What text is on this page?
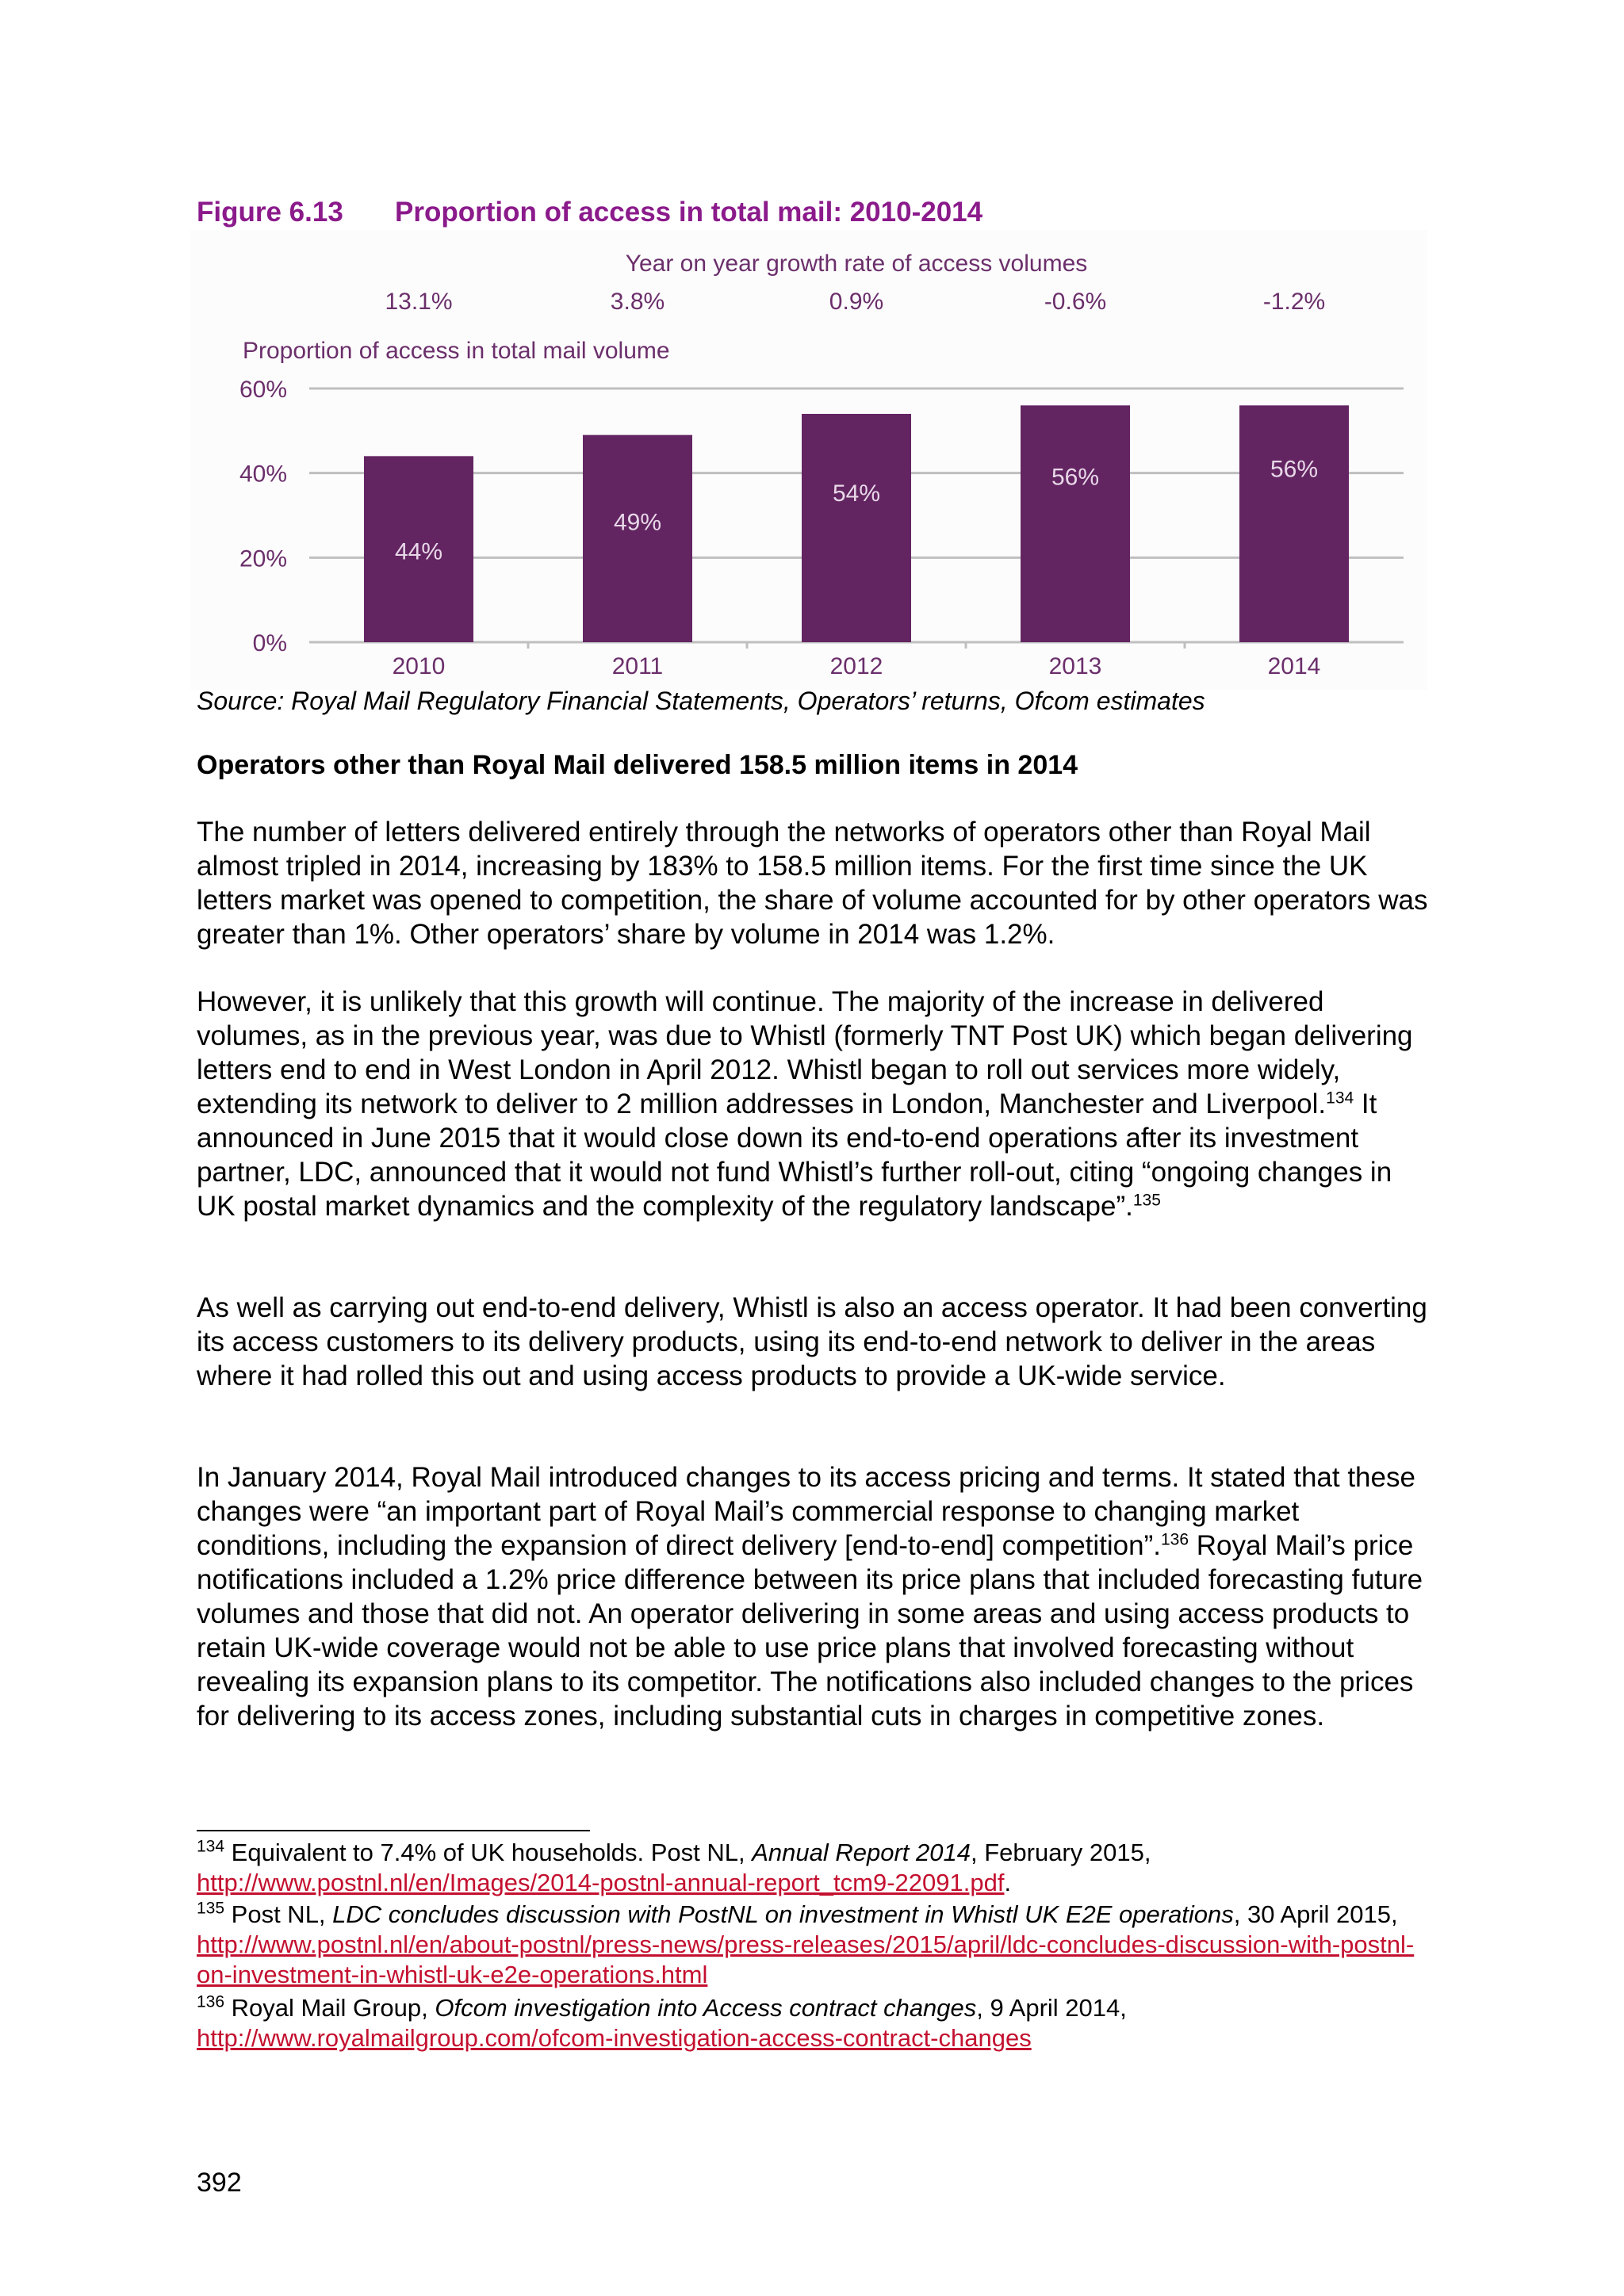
Figure 6.13 Proportion of access in total mail: 2010-2014
Year on year growth rate of access volumes
Proportion of access in total mail volume
0%
20%
40%
60%
44%
2010
13.1%
49%
2011
3.8%
54%
2012
0.9%
56%
2013
-0.6%
56%
2014
-1.2%
Source: Royal Mail Regulatory Financial Statements, Operators’ returns, Ofcom estimates
Operators other than Royal Mail delivered 158.5 million items in 2014

The number of letters delivered entirely through the networks of operators other than Royal Mail almost tripled in 2014, increasing by 183% to 158.5 million items. For the first time since the UK letters market was opened to competition, the share of volume accounted for by other operators was greater than 1%. Other operators’ share by volume in 2014 was 1.2%.

However, it is unlikely that this growth will continue. The majority of the increase in delivered volumes, as in the previous year, was due to Whistl (formerly TNT Post UK) which began delivering letters end to end in West London in April 2012. Whistl began to roll out services more widely, extending its network to deliver to 2 million addresses in London, Manchester and Liverpool.$^{134}$ It announced in June 2015 that it would close down its end-to-end operations after its investment partner, LDC, announced that it would not fund Whistl’s further roll-out, citing “ongoing changes in UK postal market dynamics and the complexity of the regulatory landscape”.$^{135}$

As well as carrying out end-to-end delivery, Whistl is also an access operator. It had been converting its access customers to its delivery products, using its end-to-end network to deliver in the areas where it had rolled this out and using access products to provide a UK-wide service.

In January 2014, Royal Mail introduced changes to its access pricing and terms. It stated that these changes were “an important part of Royal Mail’s commercial response to changing market conditions, including the expansion of direct delivery [end-to-end] competition”.$^{136}$ Royal Mail’s price notifications included a 1.2% price difference between its price plans that included forecasting future volumes and those that did not. An operator delivering in some areas and using access products to retain UK-wide coverage would not be able to use price plans that involved forecasting without revealing its expansion plans to its competitor. The notifications also included changes to the prices for delivering to its access zones, including substantial cuts in charges in competitive zones.

$^{134}$ Equivalent to 7.4% of UK households. Post NL, Annual Report 2014, February 2015, http://www.postnl.nl/en/Images/2014-postnl-annual-report_tcm9-22091.pdf.

$^{135}$ Post NL, LDC concludes discussion with PostNL on investment in Whistl UK E2E operations, 30 April 2015, http://www.postnl.nl/en/about-postnl/press-news/press-releases/2015/april/ldc-concludes-discussion-with-postnl-on-investment-in-whistl-uk-e2e-operations.html

$^{136}$ Royal Mail Group, Ofcom investigation into Access contract changes, 9 April 2014, http://www.royalmailgroup.com/ofcom-investigation-access-contract-changes

392
